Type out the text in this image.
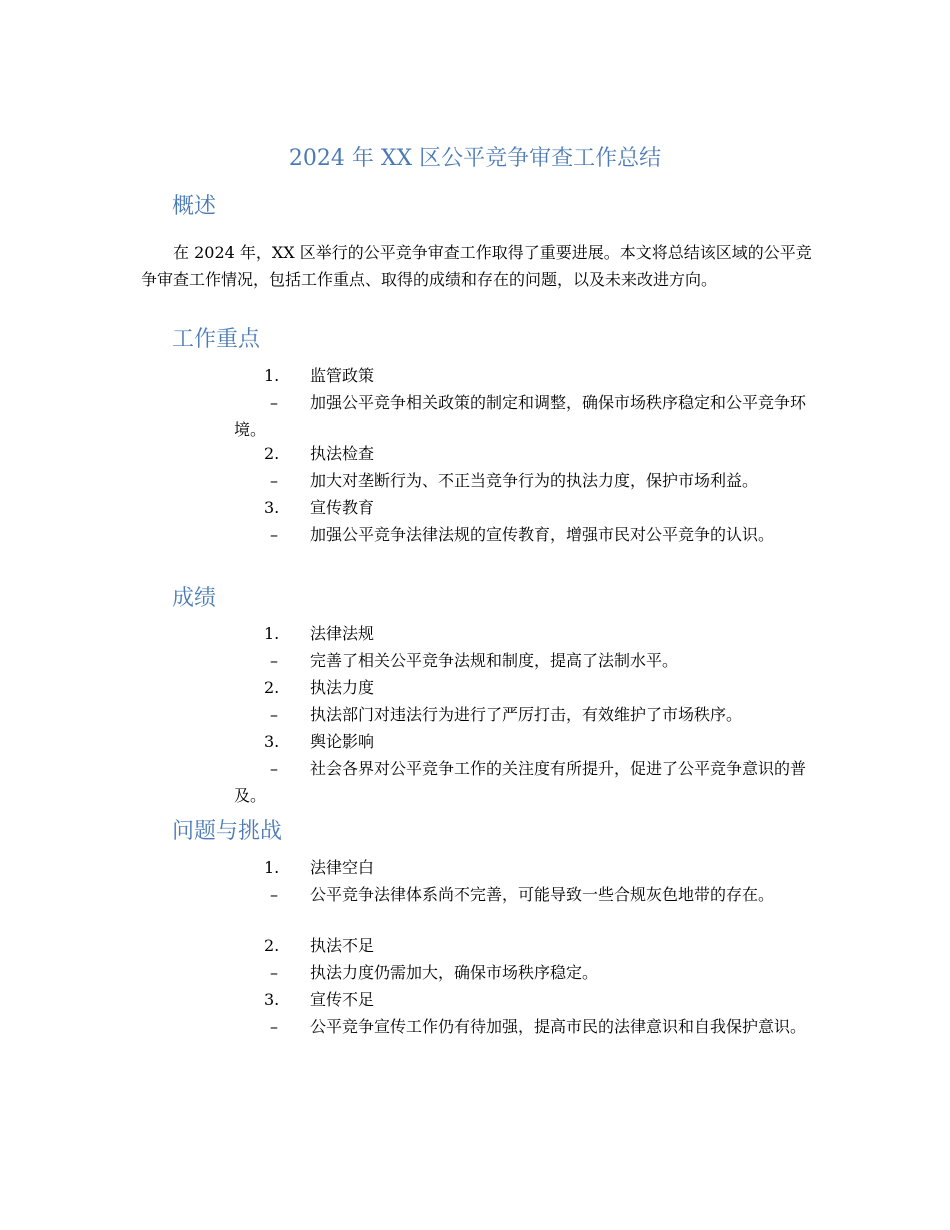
2024 年 XX 区公平竞争审查工作总结
概述

在 2024 年，XX 区举行的公平竞争审查工作取得了重要进展。本文将总结该区域的公平竞争审查工作情况，包括工作重点、取得的成绩和存在的问题，以及未来改进方向。

工作重点
1. 监管政策
–	加强公平竞争相关政策的制定和调整，确保市场秩序稳定和公平竞争环境。

2. 执法检查
–	加大对垄断行为、不正当竞争行为的执法力度，保护市场利益。

3. 宣传教育
–	加强公平竞争法律法规的宣传教育，增强市民对公平竞争的认识。

成绩
1. 法律法规
–	完善了相关公平竞争法规和制度，提高了法制水平。

2. 执法力度
–	执法部门对违法行为进行了严厉打击，有效维护了市场秩序。

3. 舆论影响
–	社会各界对公平竞争工作的关注度有所提升，促进了公平竞争意识的普及。

问题与挑战
1. 法律空白
–	公平竞争法律体系尚不完善，可能导致一些合规灰色地带的存在。

2. 执法不足
–	执法力度仍需加大，确保市场秩序稳定。

3. 宣传不足
–	公平竞争宣传工作仍有待加强，提高市民的法律意识和自我保护意识。
